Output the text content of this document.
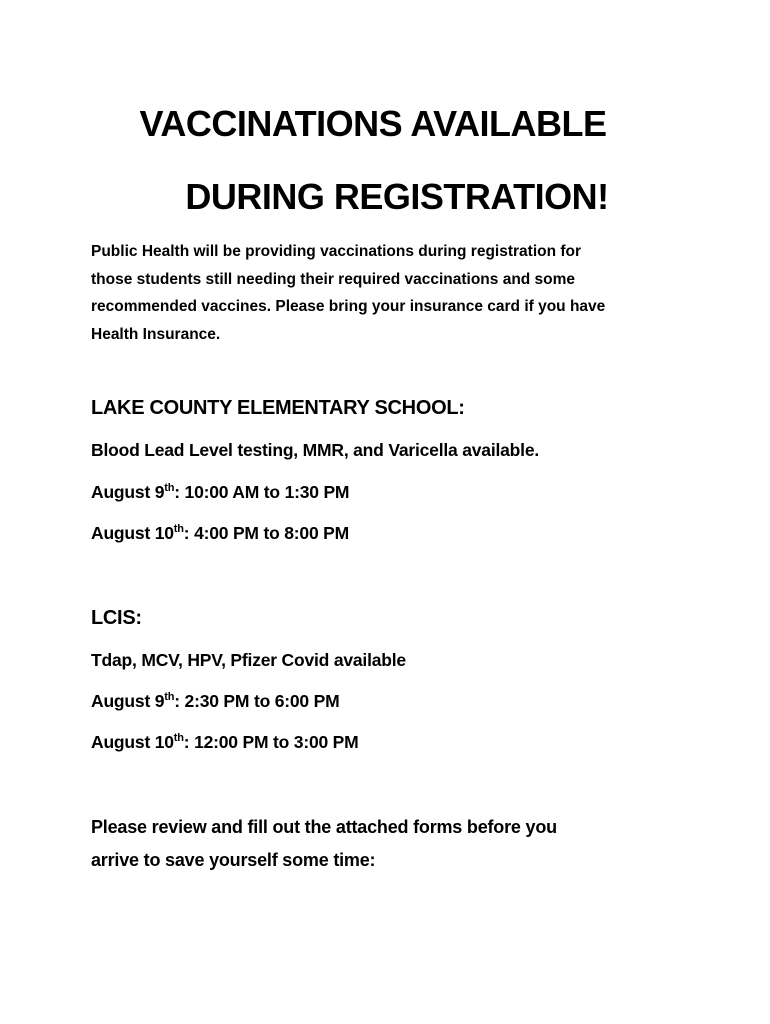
VACCINATIONS AVAILABLE
DURING REGISTRATION!
Public Health will be providing vaccinations during registration for
those students still needing their required vaccinations and some
recommended vaccines. Please bring your insurance card if you have
Health Insurance.
LAKE COUNTY ELEMENTARY SCHOOL:
Blood Lead Level testing, MMR, and Varicella available.
August 9th: 10:00 AM to 1:30 PM
August 10th: 4:00 PM to 8:00 PM
LCIS:
Tdap, MCV, HPV, Pfizer Covid available
August 9th: 2:30 PM to 6:00 PM
August 10th: 12:00 PM to 3:00 PM
Please review and fill out the attached forms before you
arrive to save yourself some time:
